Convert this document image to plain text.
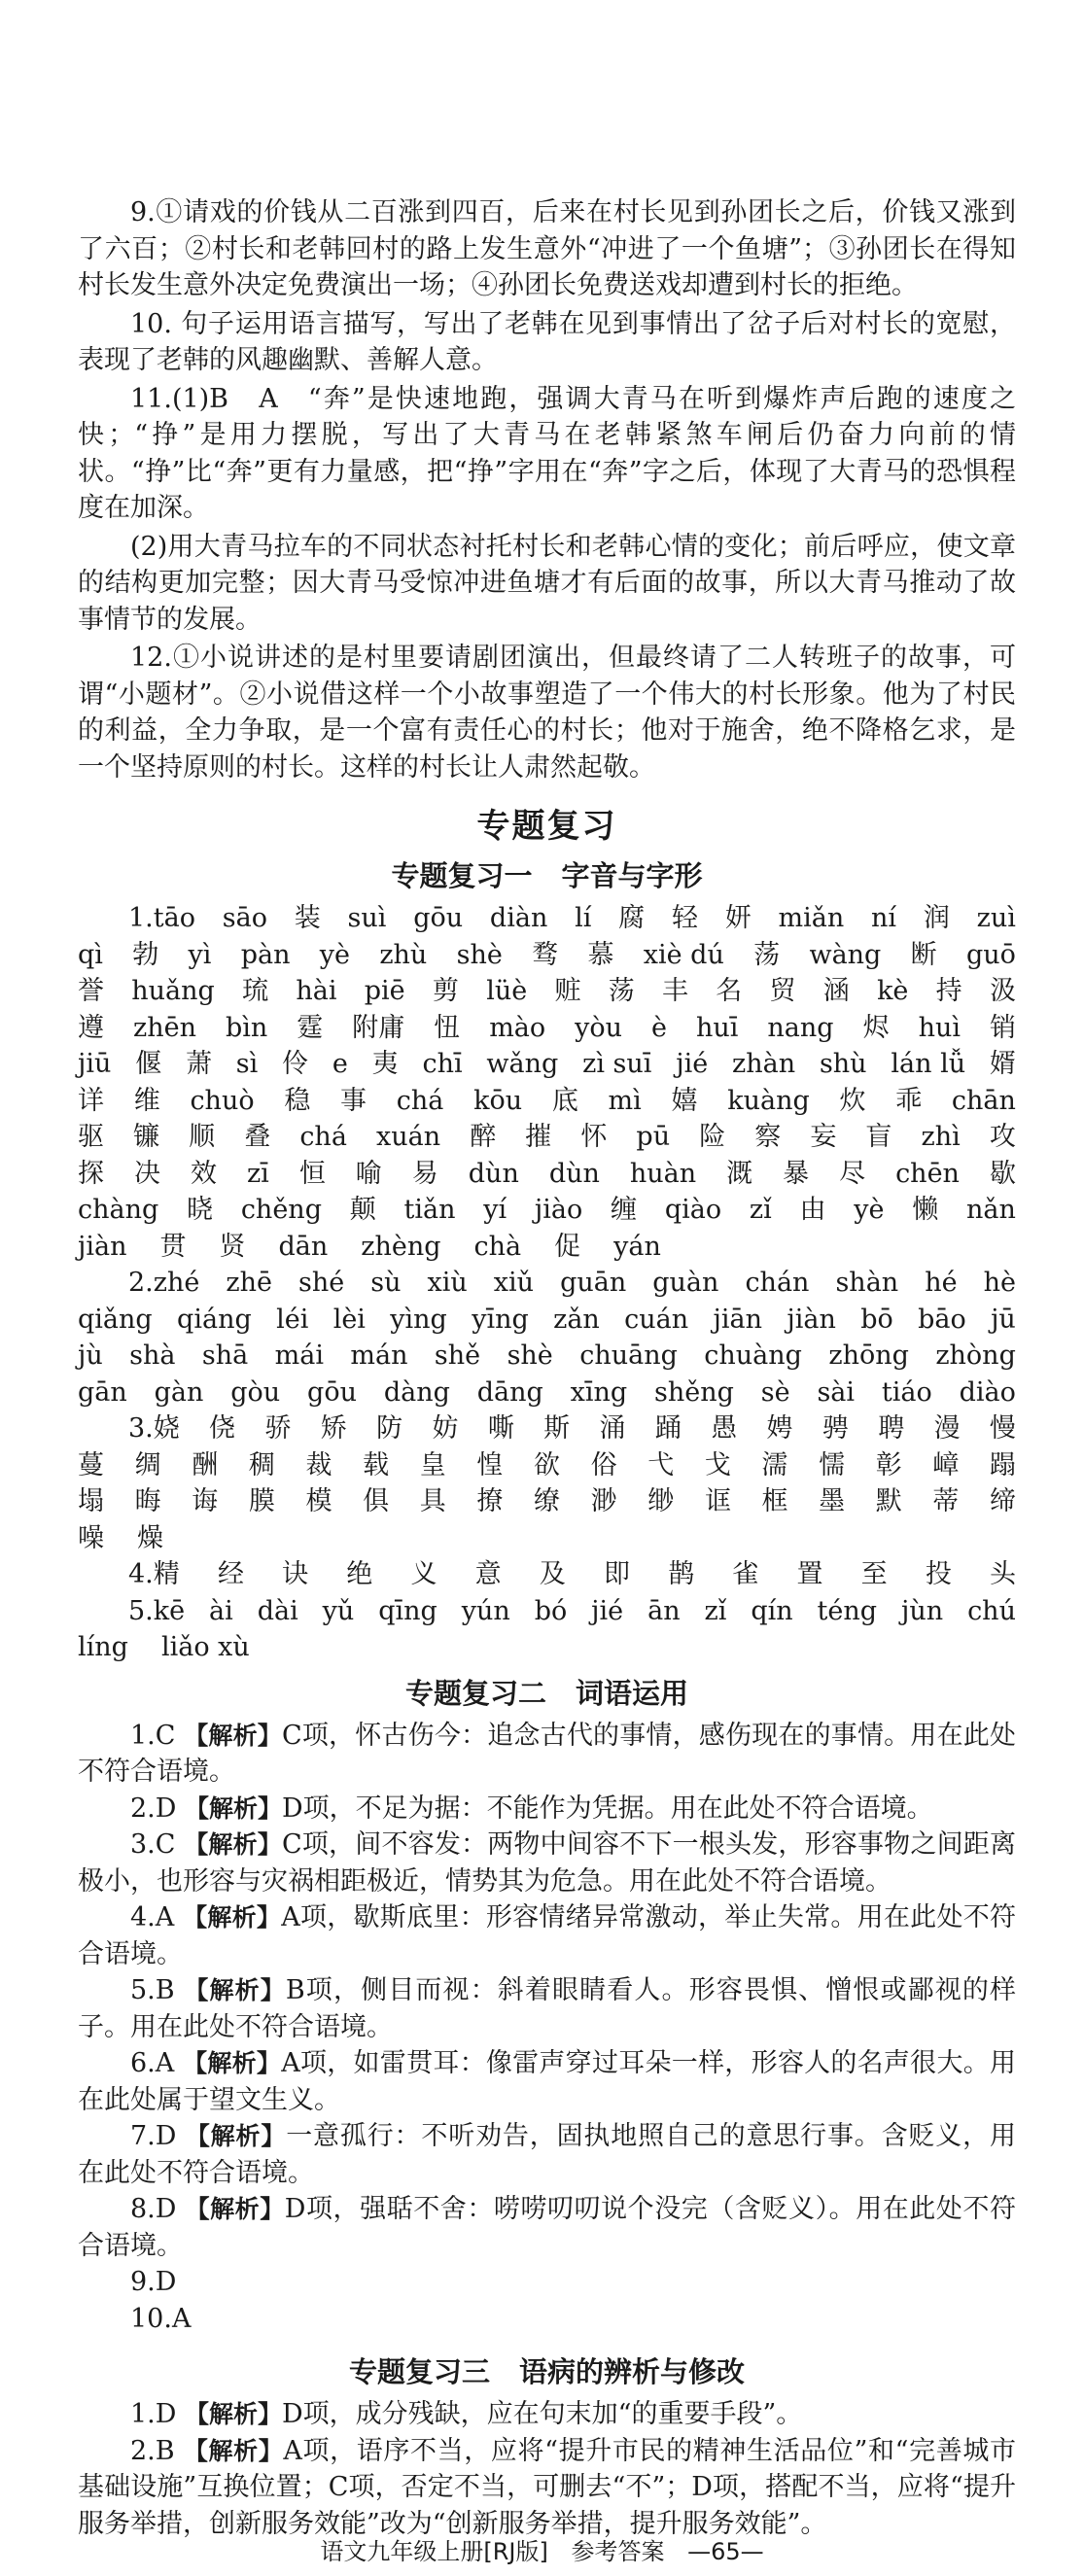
9.①请戏的价钱从二百涨到四百，后来在村长见到孙团长之后，价钱又涨到了六百；②村长和老韩回村的路上发生意外“冲进了一个鱼塘”；③孙团长在得知村长发生意外决定免费演出一场；④孙团长免费送戏却遭到村长的拒绝。

10. 句子运用语言描写，写出了老韩在见到事情出了岔子后对村长的宽慰，表现了老韩的风趣幽默、善解人意。

11.(1)B　A　“奔”是快速地跑，强调大青马在听到爆炸声后跑的速度之快；“挣”是用力摆脱，写出了大青马在老韩紧煞车闸后仍奋力向前的情状。“挣”比“奔”更有力量感，把“挣”字用在“奔”字之后，体现了大青马的恐惧程度在加深。

(2)用大青马拉车的不同状态衬托村长和老韩心情的变化；前后呼应，使文章的结构更加完整；因大青马受惊冲进鱼塘才有后面的故事，所以大青马推动了故事情节的发展。

12.①小说讲述的是村里要请剧团演出，但最终请了二人转班子的故事，可谓“小题材”。②小说借这样一个小故事塑造了一个伟大的村长形象。他为了村民的利益，全力争取，是一个富有责任心的村长；他对于施舍，绝不降格乞求，是一个坚持原则的村长。这样的村长让人肃然起敬。

专题复习
专题复习一 字音与字形
1.tāo sāo 装 suì gōu diàn lí 腐 轻 妍 miǎn ní 润 zuì
qì 勃 yì pàn yè zhù shè 骛 慕 xiè dú 荡 wàng 断 guō
誉 huǎng 琉 hài piē 剪 lüè 赃 荡 丰 名 贸 涵 kè 持 汲
遵 zhēn bìn 霆 附庸 忸 mào yòu è huī nang 烬 huì 销
jiū 偃 萧 sì 伶 e 夷 chī wǎng zì suī jié zhàn shù lán lǚ 婿
详 维 chuò 稳 事 chá kōu 底 mì 嬉 kuàng 炊 乖 chān
驱 镰 顺 叠 chá xuán 醉 摧 怀 pū 险 察 妄 盲 zhì 攻
探 决 效 zī 恒 喻 易 dùn dùn huàn 溉 暴 尽 chēn 歇
chàng 晓 chěng 颠 tiǎn yí jiào 缠 qiào zǐ 由 yè 懒 nǎn
jiàn 贯 贤 dān zhèng chà 促 yán
2.zhé zhē shé sù xiù xiǔ guān guàn chán shàn hé hè
qiǎng qiáng léi lèi yìng yīng zǎn cuán jiān jiàn bō bāo jū
jù shà shā mái mán shě shè chuāng chuàng zhōng zhòng
gān gàn gòu gōu dàng dāng xīng shěng sè sài tiáo diào
3.娆 侥 骄 矫 防 妨 嘶 斯 涌 踊 愚 娉 骋 聘 漫 慢
蔓 绸 酬 稠 裁 载 皇 惶 欲 俗 弋 戈 濡 懦 彰 嶂 蹋
塌 晦 诲 膜 模 俱 具 撩 缭 渺 缈 诓 框 墨 默 蒂 缔
噪 燥
4.精 经 诀 绝 义 意 及 即 鹊 雀 置 至 投 头
5.kē ài dài yǔ qīng yún bó jié ān zǐ qín téng jùn chú
líng liǎo xù
专题复习二 词语运用

1.C 【解析】C项，怀古伤今：追念古代的事情，感伤现在的事情。用在此处不符合语境。

2.D 【解析】D项，不足为据：不能作为凭据。用在此处不符合语境。

3.C 【解析】C项，间不容发：两物中间容不下一根头发，形容事物之间距离极小，也形容与灾祸相距极近，情势其为危急。用在此处不符合语境。

4.A 【解析】A项，歇斯底里：形容情绪异常激动，举止失常。用在此处不符合语境。

5.B 【解析】B项，侧目而视：斜着眼睛看人。形容畏惧、憎恨或鄙视的样子。用在此处不符合语境。

6.A 【解析】A项，如雷贯耳：像雷声穿过耳朵一样，形容人的名声很大。用在此处属于望文生义。

7.D 【解析】一意孤行：不听劝告，固执地照自己的意思行事。含贬义，用在此处不符合语境。

8.D 【解析】D项，强聒不舍：唠唠叨叨说个没完（含贬义）。用在此处不符合语境。

9.D

10.A

专题复习三 语病的辨析与修改

1.D 【解析】D项，成分残缺，应在句末加“的重要手段”。

2.B 【解析】A项，语序不当，应将“提升市民的精神生活品位”和“完善城市基础设施”互换位置；C项，否定不当，可删去“不”；D项，搭配不当，应将“提升服务举措，创新服务效能”改为“创新服务举措，提升服务效能”。

语文九年级上册[RJ版] 参考答案 —65—
